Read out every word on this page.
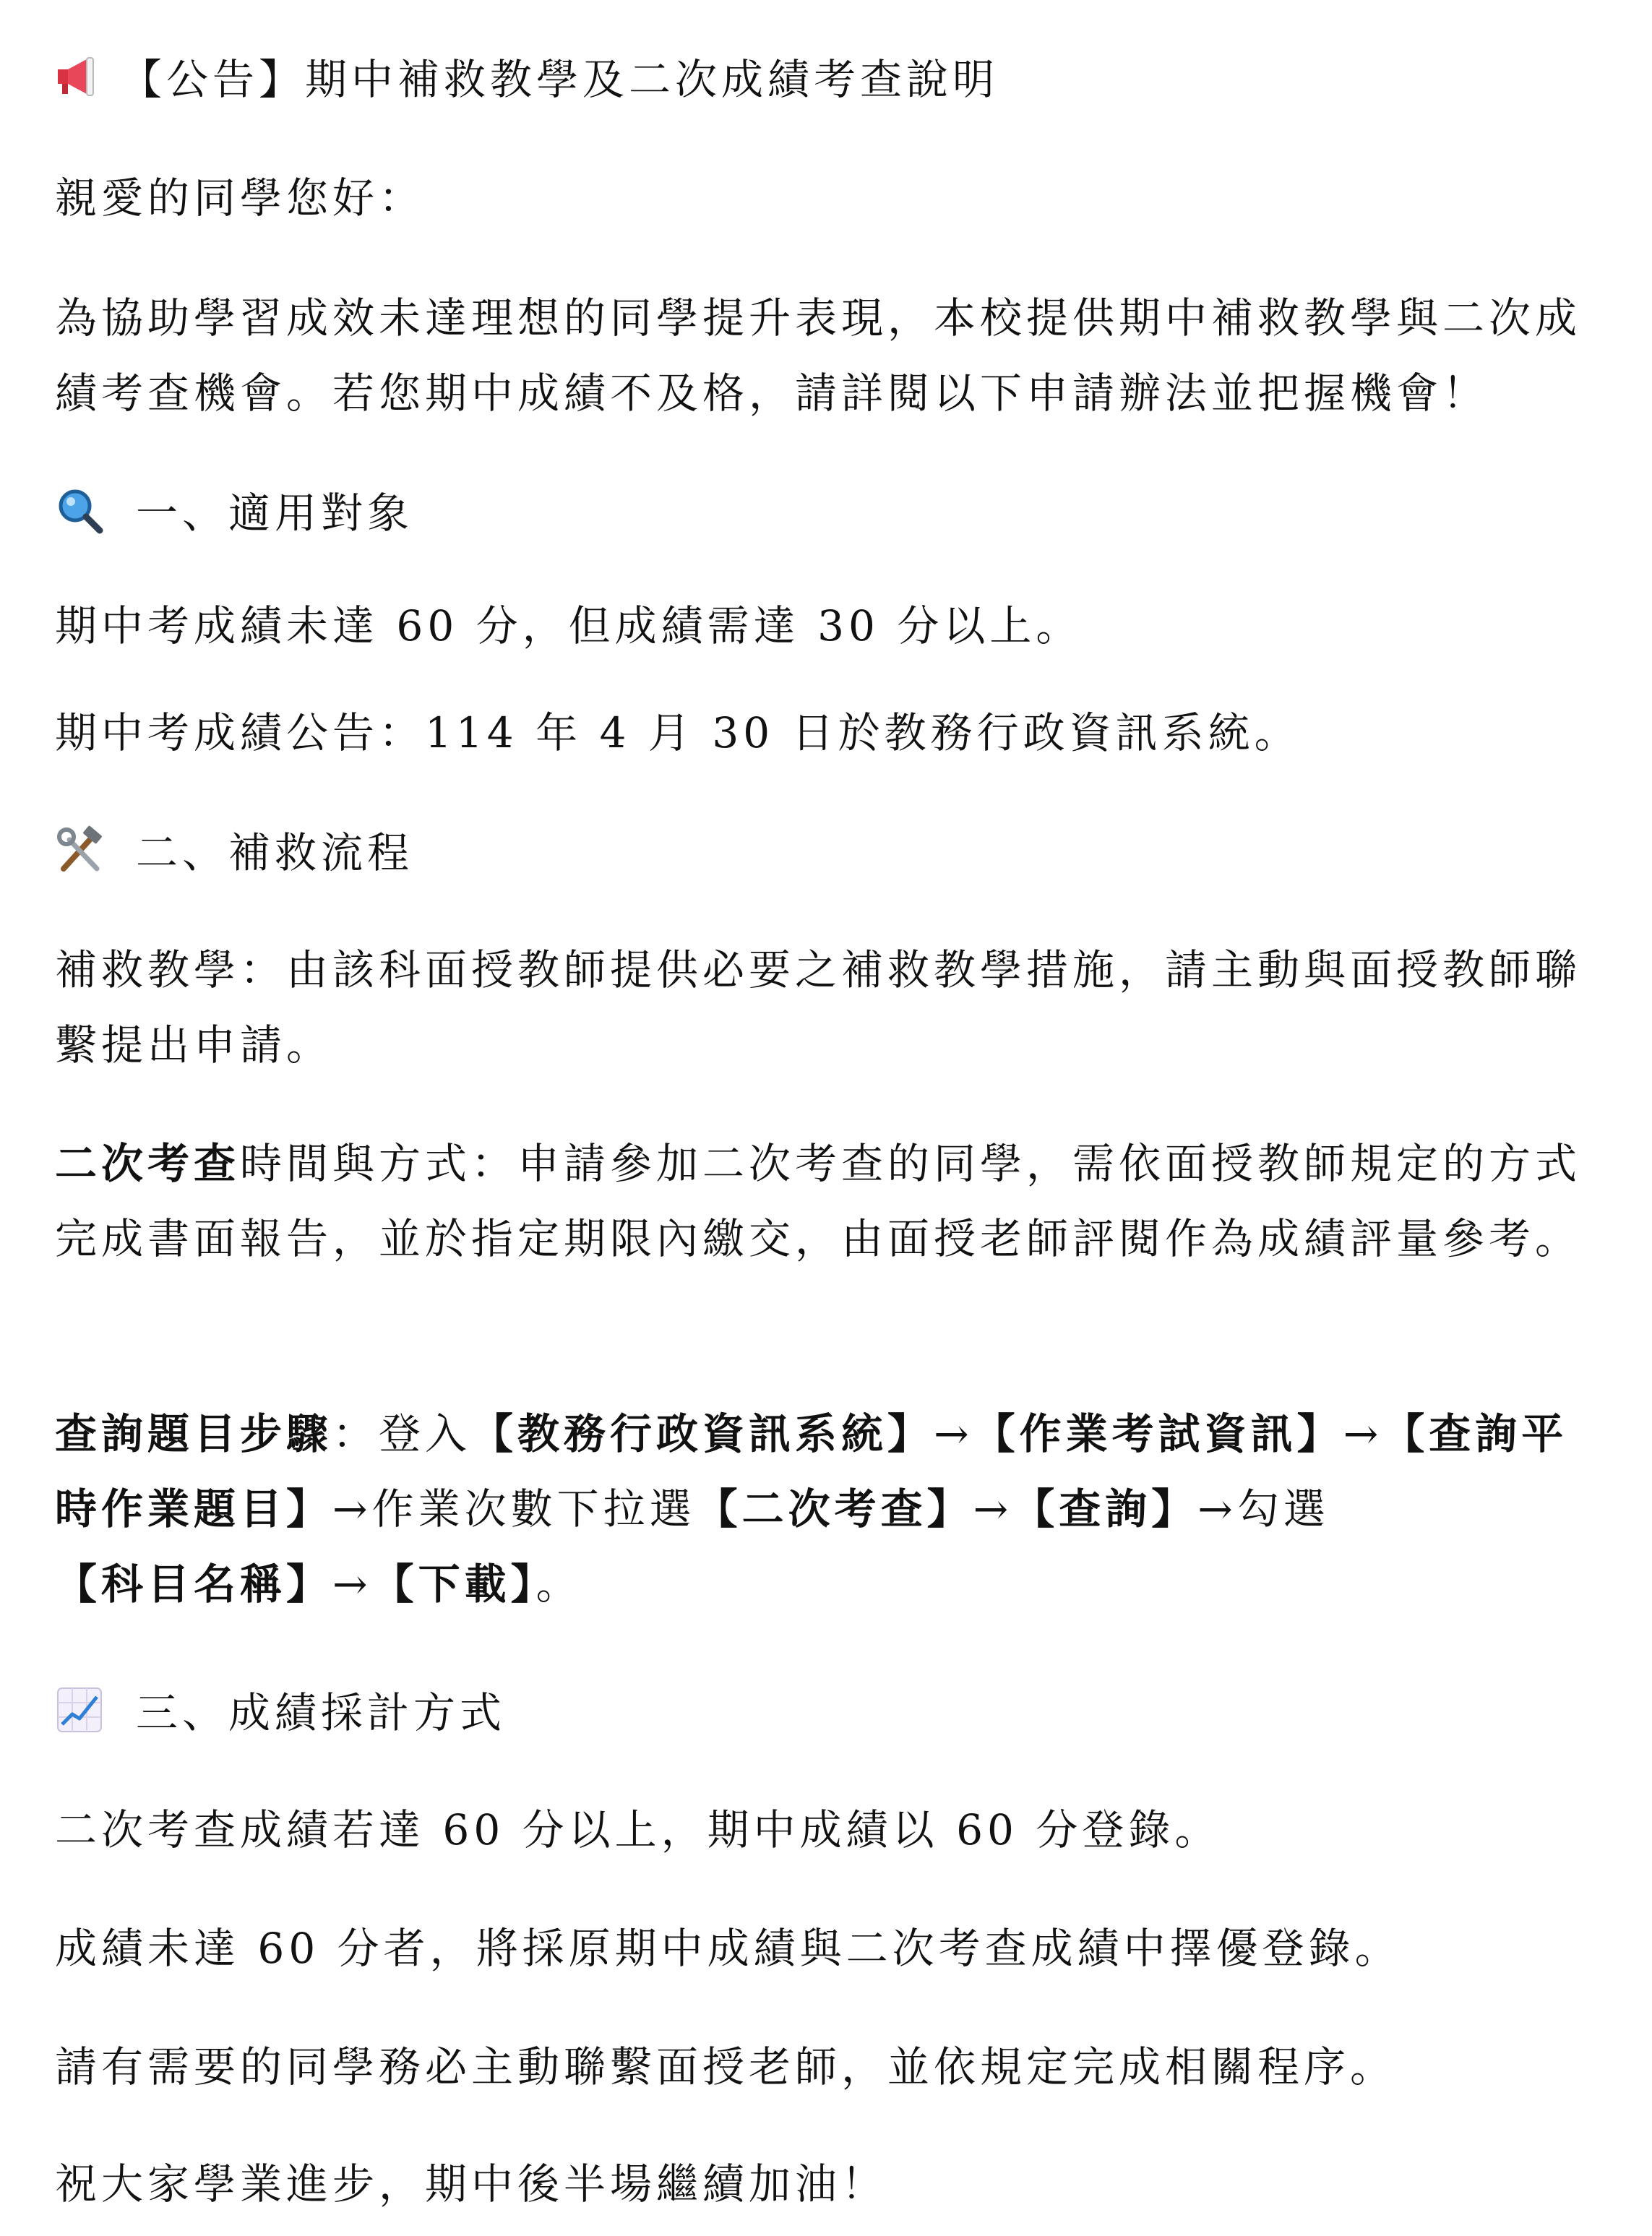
【公告】期中補救教學及二次成績考查說明
親愛的同學您好：
為協助學習成效未達理想的同學提升表現，本校提供期中補救教學與二次成績考查機會。若您期中成績不及格，請詳閱以下申請辦法並把握機會！
一、適用對象
期中考成績未達 60 分，但成績需達 30 分以上。
期中考成績公告：114 年 4 月 30 日於教務行政資訊系統。
二、補救流程
補救教學：由該科面授教師提供必要之補救教學措施，請主動與面授教師聯繫提出申請。
二次考查時間與方式：申請參加二次考查的同學，需依面授教師規定的方式完成書面報告，並於指定期限內繳交，由面授老師評閱作為成績評量參考。
查詢題目步驟：登入【教務行政資訊系統】→【作業考試資訊】→【查詢平時作業題目】→作業次數下拉選【二次考查】→【查詢】→勾選【科目名稱】→【下載】。
三、成績採計方式
二次考查成績若達 60 分以上，期中成績以 60 分登錄。
成績未達 60 分者，將採原期中成績與二次考查成績中擇優登錄。
請有需要的同學務必主動聯繫面授老師，並依規定完成相關程序。
祝大家學業進步，期中後半場繼續加油！
